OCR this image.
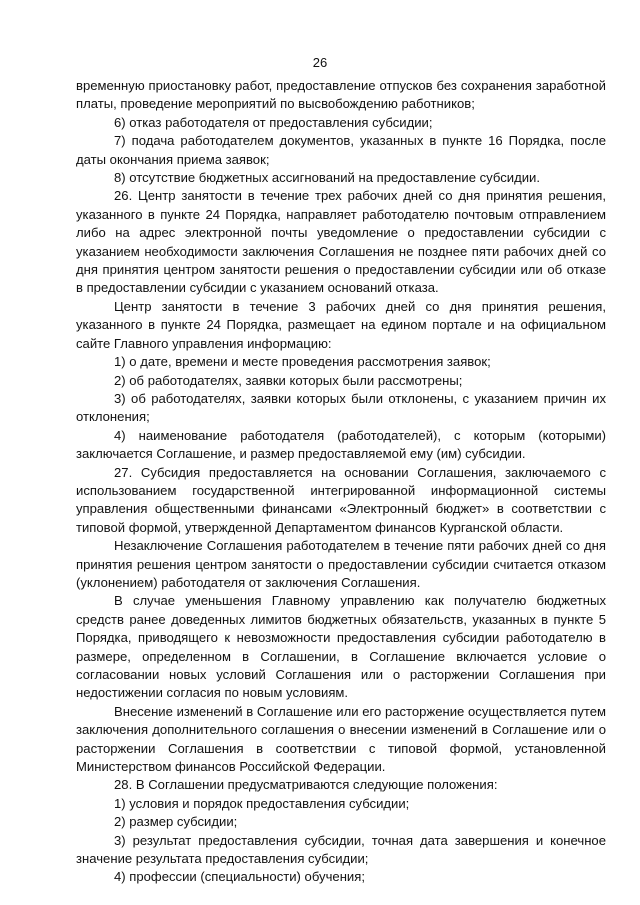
26

временную приостановку работ, предоставление отпусков без сохранения заработной платы, проведение мероприятий по высвобождению работников;

6) отказ работодателя от предоставления субсидии;

7) подача работодателем документов, указанных в пункте 16 Порядка, после даты окончания приема заявок;

8) отсутствие бюджетных ассигнований на предоставление субсидии.

26. Центр занятости в течение трех рабочих дней со дня принятия решения, указанного в пункте 24 Порядка, направляет работодателю почтовым отправлением либо на адрес электронной почты уведомление о предоставлении субсидии с указанием необходимости заключения Соглашения не позднее пяти рабочих дней со дня принятия центром занятости решения о предоставлении субсидии или об отказе в предоставлении субсидии с указанием оснований отказа.

Центр занятости в течение 3 рабочих дней со дня принятия решения, указанного в пункте 24 Порядка, размещает на едином портале и на официальном сайте Главного управления информацию:

1) о дате, времени и месте проведения рассмотрения заявок;

2) об работодателях, заявки которых были рассмотрены;

3) об работодателях, заявки которых были отклонены, с указанием причин их отклонения;

4) наименование работодателя (работодателей), с которым (которыми) заключается Соглашение, и размер предоставляемой ему (им) субсидии.

27. Субсидия предоставляется на основании Соглашения, заключаемого с использованием государственной интегрированной информационной системы управления общественными финансами «Электронный бюджет» в соответствии с типовой формой, утвержденной Департаментом финансов Курганской области.

Незаключение Соглашения работодателем в течение пяти рабочих дней со дня принятия решения центром занятости о предоставлении субсидии считается отказом (уклонением) работодателя от заключения Соглашения.

В случае уменьшения Главному управлению как получателю бюджетных средств ранее доведенных лимитов бюджетных обязательств, указанных в пункте 5 Порядка, приводящего к невозможности предоставления субсидии работодателю в размере, определенном в Соглашении, в Соглашение включается условие о согласовании новых условий Соглашения или о расторжении Соглашения при недостижении согласия по новым условиям.

Внесение изменений в Соглашение или его расторжение осуществляется путем заключения дополнительного соглашения о внесении изменений в Соглашение или о расторжении Соглашения в соответствии с типовой формой, установленной Министерством финансов Российской Федерации.

28. В Соглашении предусматриваются следующие положения:

1) условия и порядок предоставления субсидии;

2) размер субсидии;

3) результат предоставления субсидии, точная дата завершения и конечное значение результата предоставления субсидии;

4) профессии (специальности) обучения;
